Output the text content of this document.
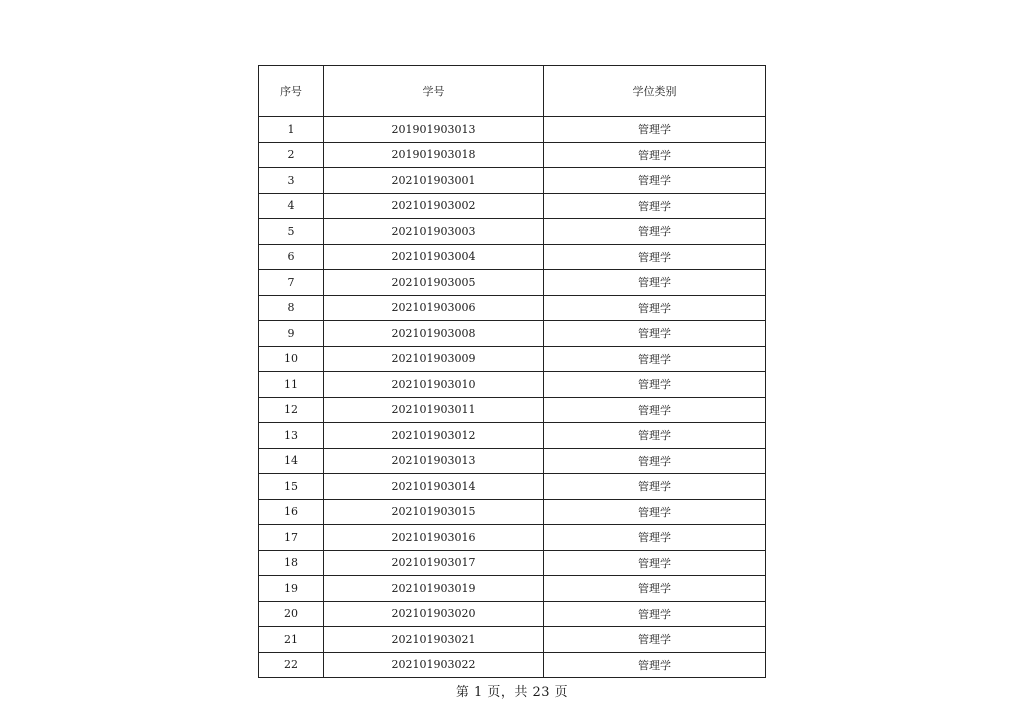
序号	学号	学位类别
1	201901903013	管理学
2	201901903018	管理学
3	202101903001	管理学
4	202101903002	管理学
5	202101903003	管理学
6	202101903004	管理学
7	202101903005	管理学
8	202101903006	管理学
9	202101903008	管理学
10	202101903009	管理学
11	202101903010	管理学
12	202101903011	管理学
13	202101903012	管理学
14	202101903013	管理学
15	202101903014	管理学
16	202101903015	管理学
17	202101903016	管理学
18	202101903017	管理学
19	202101903019	管理学
20	202101903020	管理学
21	202101903021	管理学
22	202101903022	管理学
第 1 页，共 23 页
